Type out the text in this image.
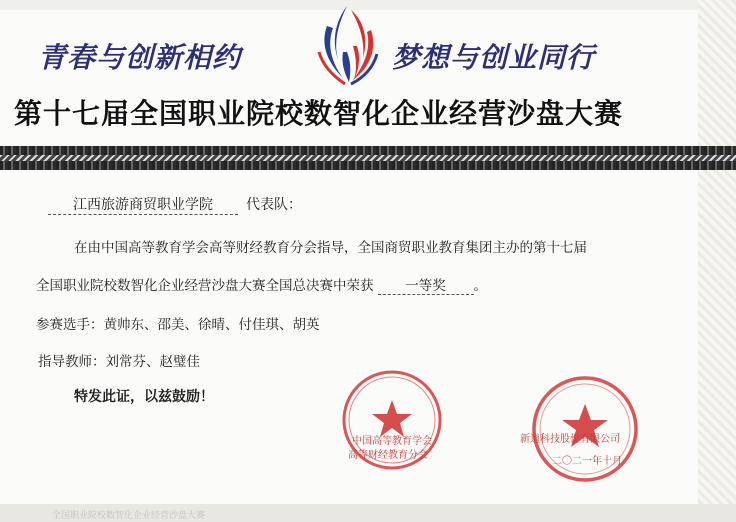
青春与创新相约	梦想与创业同行
第十七届全国职业院校数智化企业经营沙盘大赛
江西旅游商贸职业学院 代表队：
在由中国高等教育学会高等财经教育分会指导，全国商贸职业教育集团主办的第十七届
全国职业院校数智化企业经营沙盘大赛全国总决赛中荣获 一等奖 。
参赛选手：黄帅东、邵美、徐晴、付佳琪、胡英
指导教师：刘常芬、赵璧佳
特发此证，以兹鼓励！
中国高等教育学会
高等财经教育分会
新道科技股份有限公司
二〇二一年十月
全国职业院校数智化企业经营沙盘大赛
